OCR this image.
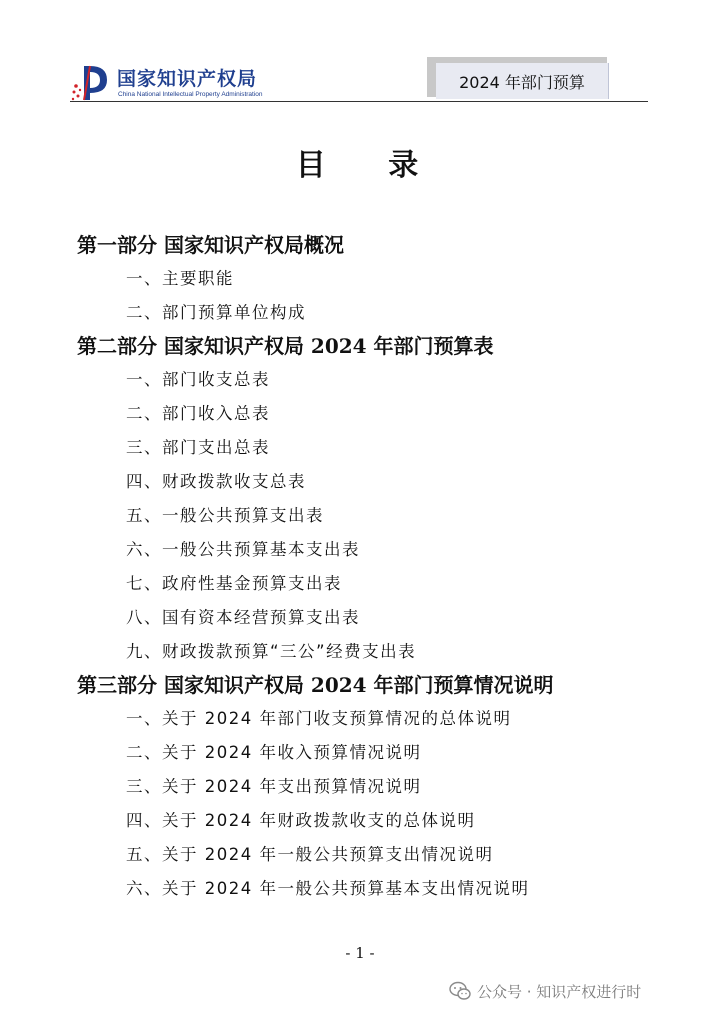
国家知识产权局
China National Intellectual Property Administration
2024 年部门预算
目 录
第一部分 国家知识产权局概况
一、主要职能
二、部门预算单位构成
第二部分 国家知识产权局 2024 年部门预算表
一、部门收支总表
二、部门收入总表
三、部门支出总表
四、财政拨款收支总表
五、一般公共预算支出表
六、一般公共预算基本支出表
七、政府性基金预算支出表
八、国有资本经营预算支出表
九、财政拨款预算“三公”经费支出表
第三部分 国家知识产权局 2024 年部门预算情况说明
一、关于 2024 年部门收支预算情况的总体说明
二、关于 2024 年收入预算情况说明
三、关于 2024 年支出预算情况说明
四、关于 2024 年财政拨款收支的总体说明
五、关于 2024 年一般公共预算支出情况说明
六、关于 2024 年一般公共预算基本支出情况说明
- 1 -
公众号 · 知识产权进行时
